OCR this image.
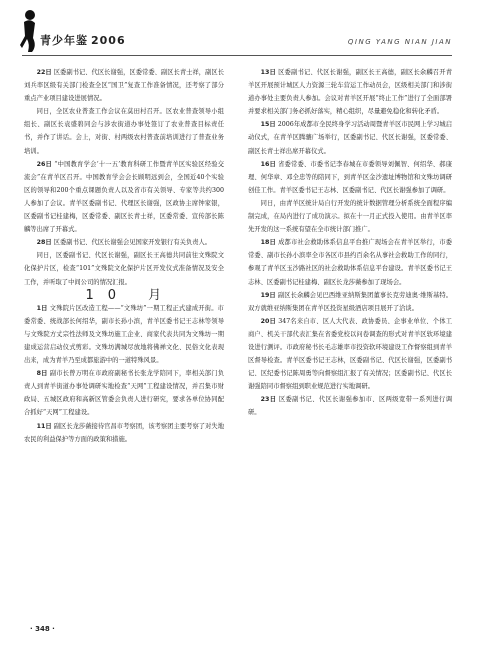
青少年鉴 2006	QING YANG NIAN JIAN

22日 区委副书记、代区长谢强，区委常委、副区长青士祥，副区长刘兵率区级有关部门检查全区“国卫”复查工作准备情况，还考察了部分重点产业项目建设进展情况。

同日，全区农业普查工作会议在莫田村召开。区农业普查领导小组组长、副区长袁盛碧同会与涉农街道办事处签订了农业普查目标责任书，并作了讲话。会上，对街、村两级农村普查前培训进行了普查业务培训。

26日 “中国教育学会‘十一五’教育科研工作暨青羊区实验区经验交流会”在青羊区召开。中国教育学会会长顾明远到会，全国近40个实验区的领导和200个重点课题负责人以及省市有关领导、专家等共约300人参加了会议。青羊区委副书记、代理区长谢强，区政协主席钟家银，区委副书记桂建梅，区委常委、副区长青士祥，区委常委、宣传部长陈麟等出席了开幕式。

28日 区委副书记、代区长谢强会见国家开发银行有关负责人。

同日，区委副书记、代区长谢强，副区长王高德共同前往文殊院文化保护片区，检查“101”文殊院文化保护片区开发仪式准备情况及安全工作，并听取了中间公司的情况汇报。

10 月

1日 文殊院片区改造工程——“文殊坊”一期工程正式建成开街。市委常委、统战部长何绍华，副市长孙小滨，青羊区委书记王志林等领导与文殊院方丈宗性法师及文殊坊施工企业、商家代表共同为文殊坊一期建成运营启动仪式剪彩。文殊坊满城尽放地将佛禅文化、民俗文化表现出来，成为青羊乃至成都旅游中的一道特殊风景。

8日 副市长曾万明在市政府副秘书长张龙学陪同下，率相关部门负责人到青羊街道办事处调研实地检查“天网”工程建设情况，并召集市财政局、五城区政府和高新区管委会负责人进行研究，要求各单位协同配合抓好“天网”工程建设。

11日 副区长龙莎薇接待官昌市考察团，该考察团主要考察了对失地农民的利益保护等方面的政策和措施。

13日 区委副书记、代区长谢强，副区长王高德，副区长余麟召开青羊区开展预计城区人力资源三轮车营运工作动员会，区级相关部门和涉街道办事处主要负责人参加。会议对青羊区开展“终止工作”进行了全面部署并要求相关部门务必抓好落实，精心组织，尽量避免稳化和转化矛盾。

15日 2006年成都市全民终身学习活动周暨青羊区市民网上学习城启动仪式，在青羊区腾骧广场举行，区委副书记、代区长谢强，区委常委、副区长青士祥出席开幕仪式。

16日 省委常委、市委书记李春城在市委领导刘佩智、何绍华、郝康理、何华章、邓全忠等的陪同下，到青羊区金沙遗址博物馆和文殊坊调研创佳工作。青羊区委书记王志林、区委副书记、代区长谢强参加了调研。

同日，由青羊区统计局自行开发的统计数据管理分析系统全面程序编制完成，在局内进行了成功演示。拟在十一月正式投入使用。由青羊区率先开发的这一系统有望在全市统计部门推广。

18日 成都市社会救助体系信息平台推广现场会在青羊区举行，市委常委、副市长孙小滨率全市各区市县约百余名从事社会救助工作的同行，参观了青羊区玉沙路社区的社会救助体系信息平台建设。青羊区委书记王志林、区委副书记桂建梅、副区长龙莎薇参加了现场会。

19日 副区长余麟会见巴西维亚纳斯集团董事长克劳迪奥·维斯基特。双方就维亚纳斯集团在青羊区投资星级酒店项目展开了洽谈。

20日 347名来自市、区人大代表、政协委员、企事业单位、个体工商户、机关干部代表汇集在省委党校以问卷调查的形式对青羊区软环境建设进行测评。市政府秘书长毛志雄率市投资软环境建设工作督察组到青羊区督导检查。青羊区委书记王志林，区委副书记、代区长谢强，区委副书记、区纪委书记陈周勇等向督察组汇报了有关情况；区委副书记、代区长谢强陪同市督察组到职业规范进行实地调研。

23日 区委副书记、代区长谢强参加市、区两级宽带一系列进行调研。

· 348 ·
